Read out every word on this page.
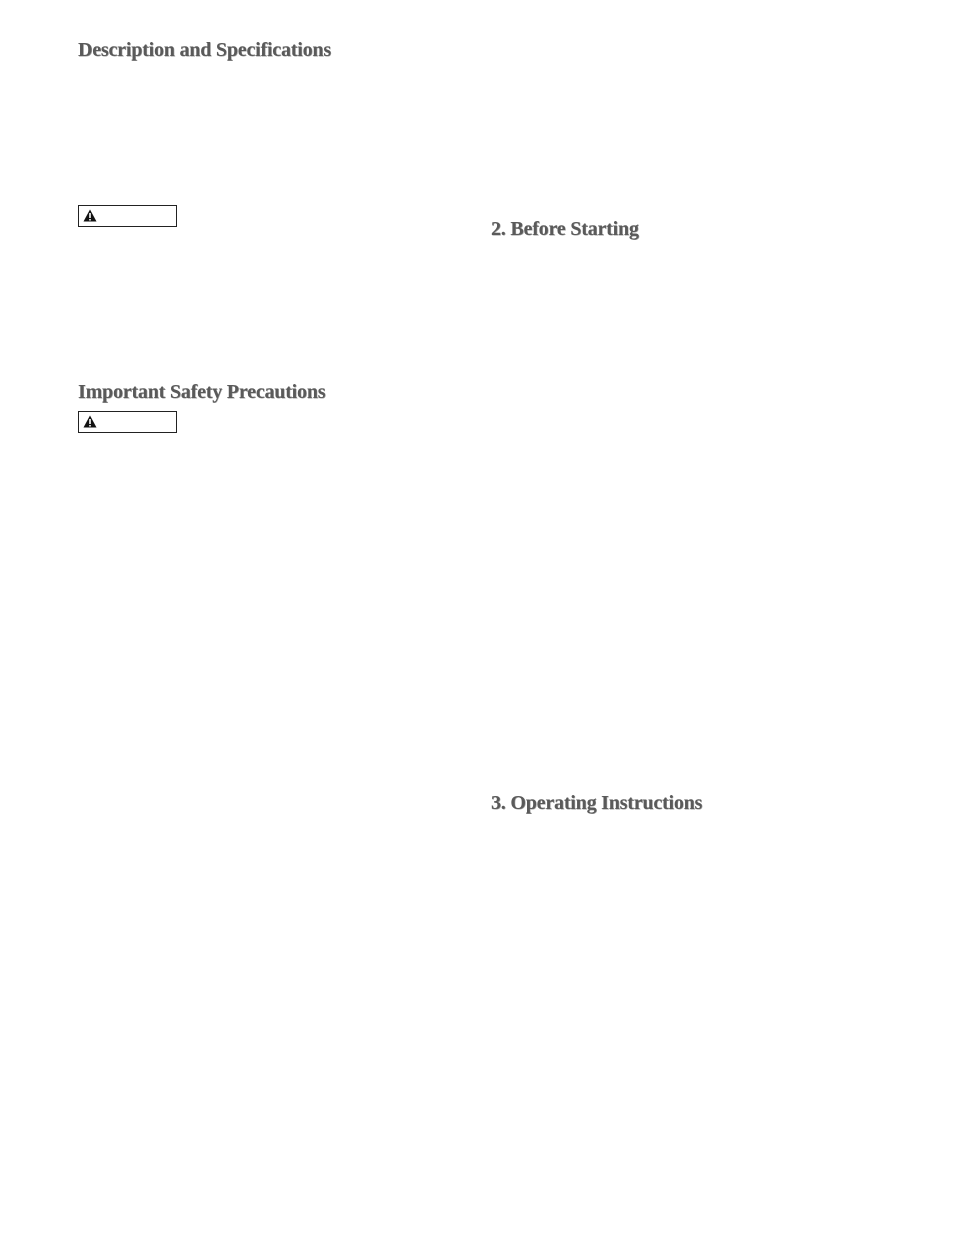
Description and Specifications
Important Safety Precautions
2. Before Starting
3. Operating Instructions
